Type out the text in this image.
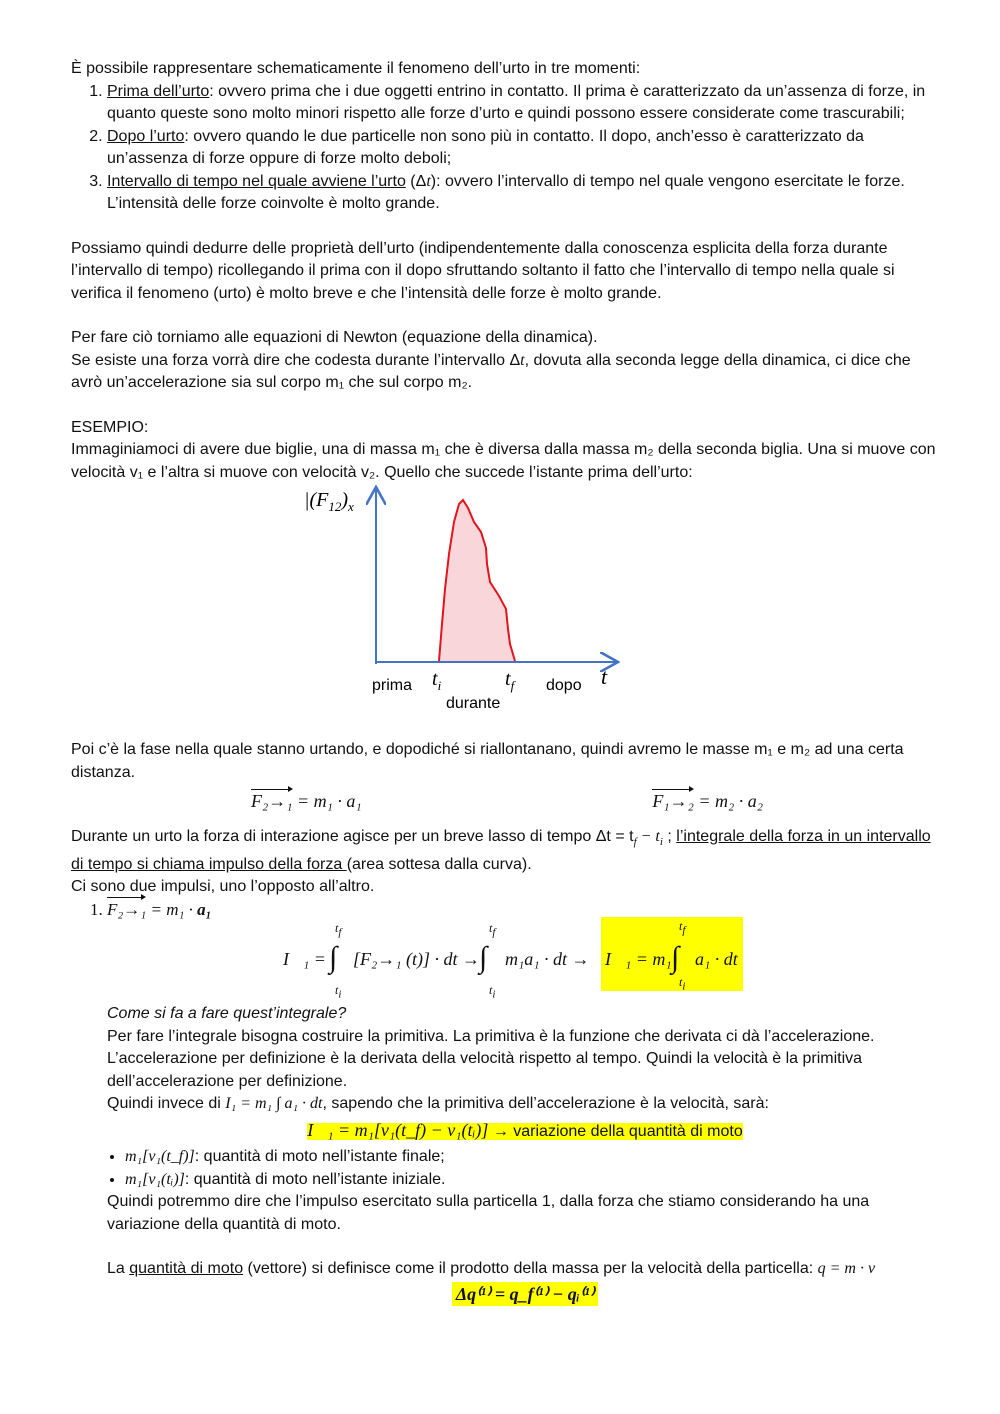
È possibile rappresentare schematicamente il fenomeno dell’urto in tre momenti:

1. Prima dell’urto: ovvero prima che i due oggetti entrino in contatto. Il prima è caratterizzato da un’assenza di forze, in quanto queste sono molto minori rispetto alle forze d’urto e quindi possono essere considerate come trascurabili;
2. Dopo l’urto: ovvero quando le due particelle non sono più in contatto. Il dopo, anch’esso è caratterizzato da un’assenza di forze oppure di forze molto deboli;
3. Intervallo di tempo nel quale avviene l’urto (Δt): ovvero l’intervallo di tempo nel quale vengono esercitate le forze. L’intensità delle forze coinvolte è molto grande.

Possiamo quindi dedurre delle proprietà dell’urto (indipendentemente dalla conoscenza esplicita della forza durante l’intervallo di tempo) ricollegando il prima con il dopo sfruttando soltanto il fatto che l’intervallo di tempo nella quale si verifica il fenomeno (urto) è molto breve e che l’intensità delle forze è molto grande.

Per fare ciò torniamo alle equazioni di Newton (equazione della dinamica).

Se esiste una forza vorrà dire che codesta durante l’intervallo Δt, dovuta alla seconda legge della dinamica, ci dice che avrò un’accelerazione sia sul corpo m₁ che sul corpo m₂.

ESEMPIO:

Immaginiamoci di avere due biglie, una di massa m₁ che è diversa dalla massa m₂ della seconda biglia. Una si muove con velocità v₁ e l’altra si muove con velocità v₂. Quello che succede l’istante prima dell’urto:

$|(F_{12})_x$
t
$t_i$	$t_f$
prima
durante
dopo

Poi c’è la fase nella quale stanno urtando, e dopodiché si riallontanano, quindi avremo le masse m₁ e m₂ ad una certa distanza.

F₂→₁ = m₁ · a₁	F₁→₂ = m₂ · a₂

Durante un urto la forza di interazione agisce per un breve lasso di tempo $\Delta t = t_f - t_i$ ; l’integrale della forza in un intervallo di tempo si chiama impulso della forza (area sottesa dalla curva).

Ci sono due impulsi, uno l’opposto all’altro.

1. F₂→₁ = m₁ · a₁
I⃗₁ = ∫
$t_f$
$t_i$
[F₂→₁ (t)] · dt →
∫
$t_f$
$t_i$
m₁a₁ · dt → I⃗₁ = m₁ ∫
$t_f$
$t_i$
a₁ · dt

Come si fa a fare quest’integrale?

Per fare l’integrale bisogna costruire la primitiva. La primitiva è la funzione che derivata ci dà l’accelerazione. L’accelerazione per definizione è la derivata della velocità rispetto al tempo. Quindi la velocità è la primitiva dell’accelerazione per definizione.

Quindi invece di I₁ = m₁ ∫ a₁ · dt, sapendo che la primitiva dell’accelerazione è la velocità, sarà:

I⃗₁ = m₁[v₁(t_f) − v₁(tᵢ)] → variazione della quantità di moto

• m₁[v₁(t_f)]: quantità di moto nell’istante finale;
• m₁[v₁(tᵢ)]: quantità di moto nell’istante iniziale.

Quindi potremmo dire che l’impulso esercitato sulla particella 1, dalla forza che stiamo considerando ha una variazione della quantità di moto.

La quantità di moto (vettore) si definisce come il prodotto della massa per la velocità della particella: q = m · v

Δq⁽¹⁾ = q_f⁽¹⁾ − qᵢ⁽¹⁾
